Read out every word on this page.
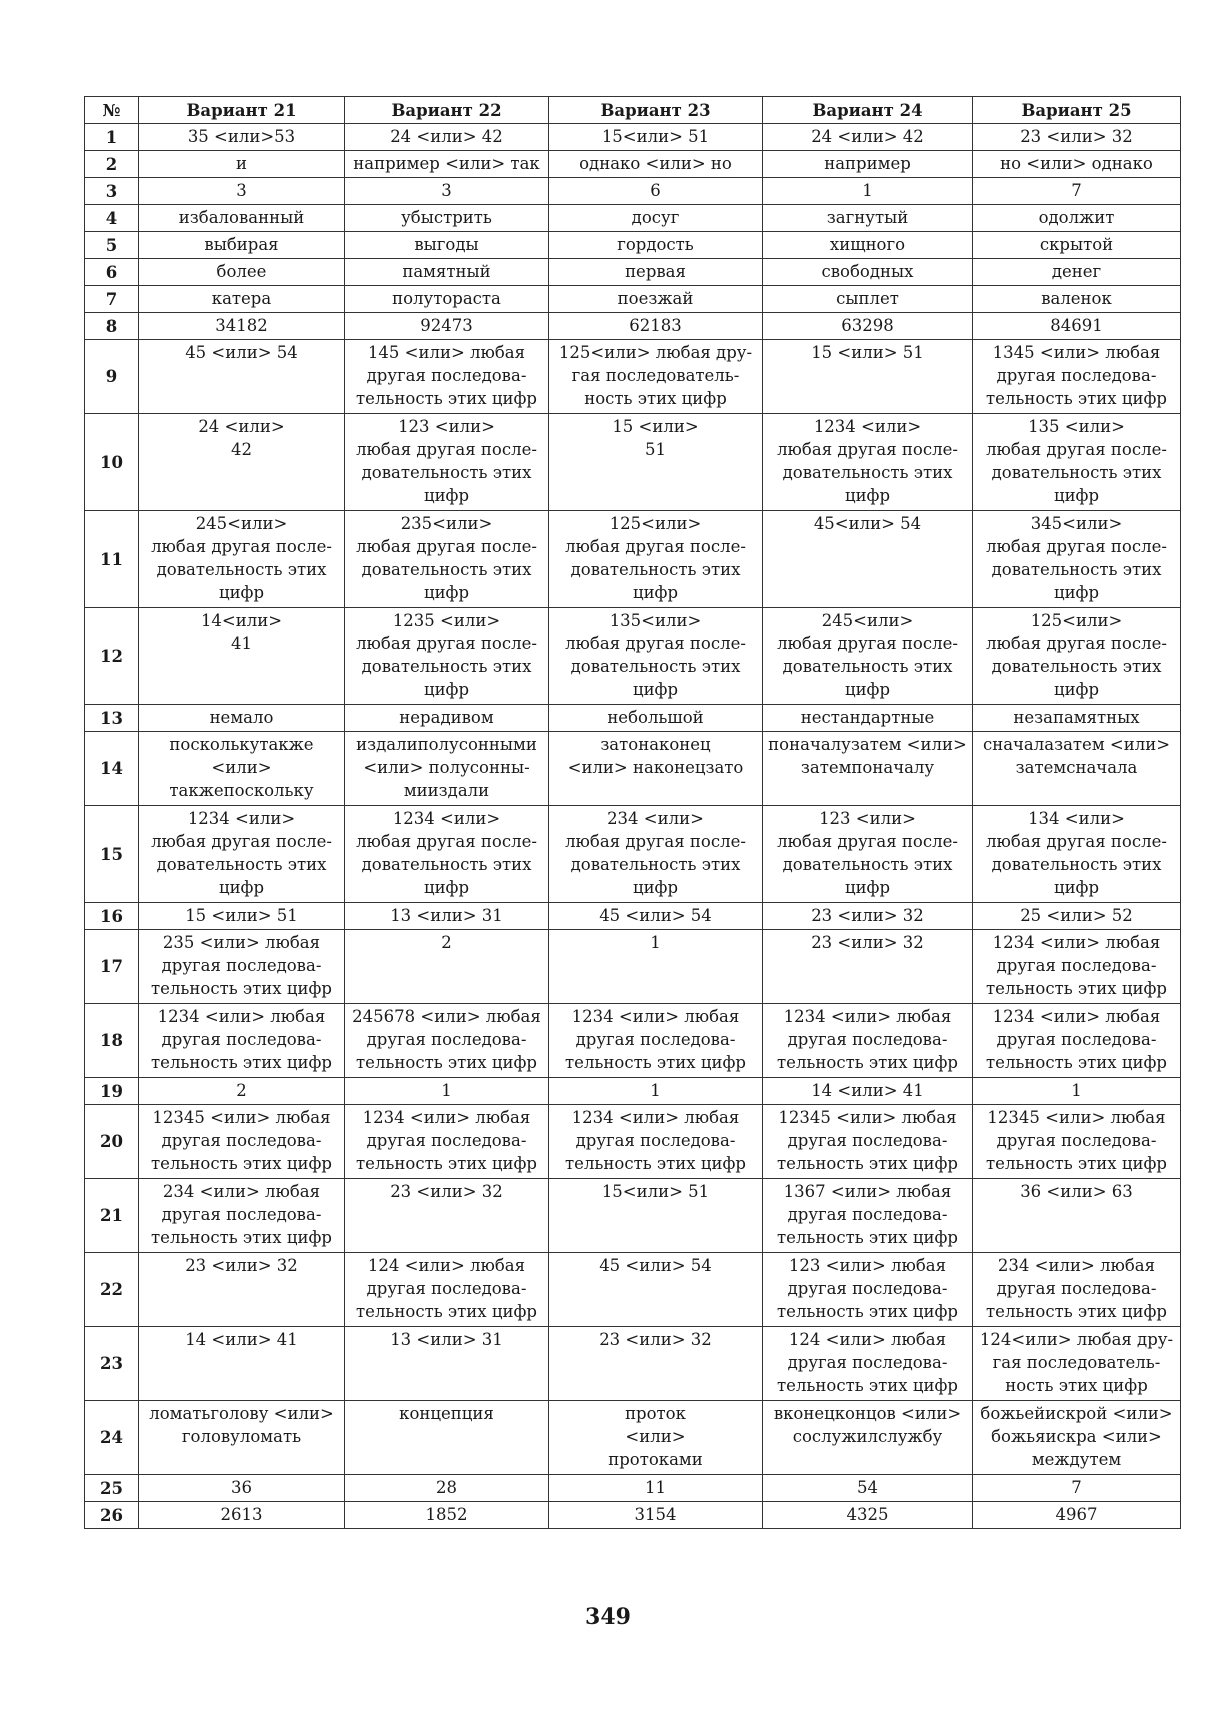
№	Вариант 21	Вариант 22	Вариант 23	Вариант 24	Вариант 25
1	35 <или>53	24 <или> 42	15<или> 51	24 <или> 42	23 <или> 32
2	и	например <или> так	однако <или> но	например	но <или> однако
3	3	3	6	1	7
4	избалованный	убыстрить	досуг	загнутый	одолжит
5	выбирая	выгоды	гордость	хищного	скрытой
6	более	памятный	первая	свободных	денег
7	катера	полутораста	поезжай	сыплет	валенок
8	34182	92473	62183	63298	84691
9	45 <или> 54	145 <или> любая
другая последова-
тельность этих цифр	125<или> любая дру-
гая последователь-
ность этих цифр	15 <или> 51	1345 <или> любая
другая последова-
тельность этих цифр
10	24 <или>
42	123 <или>
любая другая после-
довательность этих
цифр	15 <или>
51	1234 <или>
любая другая после-
довательность этих
цифр	135 <или>
любая другая после-
довательность этих
цифр
11	245<или>
любая другая после-
довательность этих
цифр	235<или>
любая другая после-
довательность этих
цифр	125<или>
любая другая после-
довательность этих
цифр	45<или> 54	345<или>
любая другая после-
довательность этих
цифр
12	14<или>
41	1235 <или>
любая другая после-
довательность этих
цифр	135<или>
любая другая после-
довательность этих
цифр	245<или>
любая другая после-
довательность этих
цифр	125<или>
любая другая после-
довательность этих
цифр
13	немало	нерадивом	небольшой	нестандартные	незапамятных
14	посколькутакже
<или>
такжепоскольку	издалиполусонными
<или> полусонны-
мииздали	затонаконец
<или> наконецзато	поначалузатем <или>
затемпоначалу	сначалазатем <или>
затемсначала
15	1234 <или>
любая другая после-
довательность этих
цифр	1234 <или>
любая другая после-
довательность этих
цифр	234 <или>
любая другая после-
довательность этих
цифр	123 <или>
любая другая после-
довательность этих
цифр	134 <или>
любая другая после-
довательность этих
цифр
16	15 <или> 51	13 <или> 31	45 <или> 54	23 <или> 32	25 <или> 52
17	235 <или> любая
другая последова-
тельность этих цифр	2	1	23 <или> 32	1234 <или> любая
другая последова-
тельность этих цифр
18	1234 <или> любая
другая последова-
тельность этих цифр	245678 <или> любая
другая последова-
тельность этих цифр	1234 <или> любая
другая последова-
тельность этих цифр	1234 <или> любая
другая последова-
тельность этих цифр	1234 <или> любая
другая последова-
тельность этих цифр
19	2	1	1	14 <или> 41	1
20	12345 <или> любая
другая последова-
тельность этих цифр	1234 <или> любая
другая последова-
тельность этих цифр	1234 <или> любая
другая последова-
тельность этих цифр	12345 <или> любая
другая последова-
тельность этих цифр	12345 <или> любая
другая последова-
тельность этих цифр
21	234 <или> любая
другая последова-
тельность этих цифр	23 <или> 32	15<или> 51	1367 <или> любая
другая последова-
тельность этих цифр	36 <или> 63
22	23 <или> 32	124 <или> любая
другая последова-
тельность этих цифр	45 <или> 54	123 <или> любая
другая последова-
тельность этих цифр	234 <или> любая
другая последова-
тельность этих цифр
23	14 <или> 41	13 <или> 31	23 <или> 32	124 <или> любая
другая последова-
тельность этих цифр	124<или> любая дру-
гая последователь-
ность этих цифр
24	ломатьголову <или>
головуломать	концепция	проток
<или>
протоками	вконецконцов <или>
сослужилслужбу	божьейискрой <или>
божьяискра <или>
междутем
25	36	28	11	54	7
26	2613	1852	3154	4325	4967
349
